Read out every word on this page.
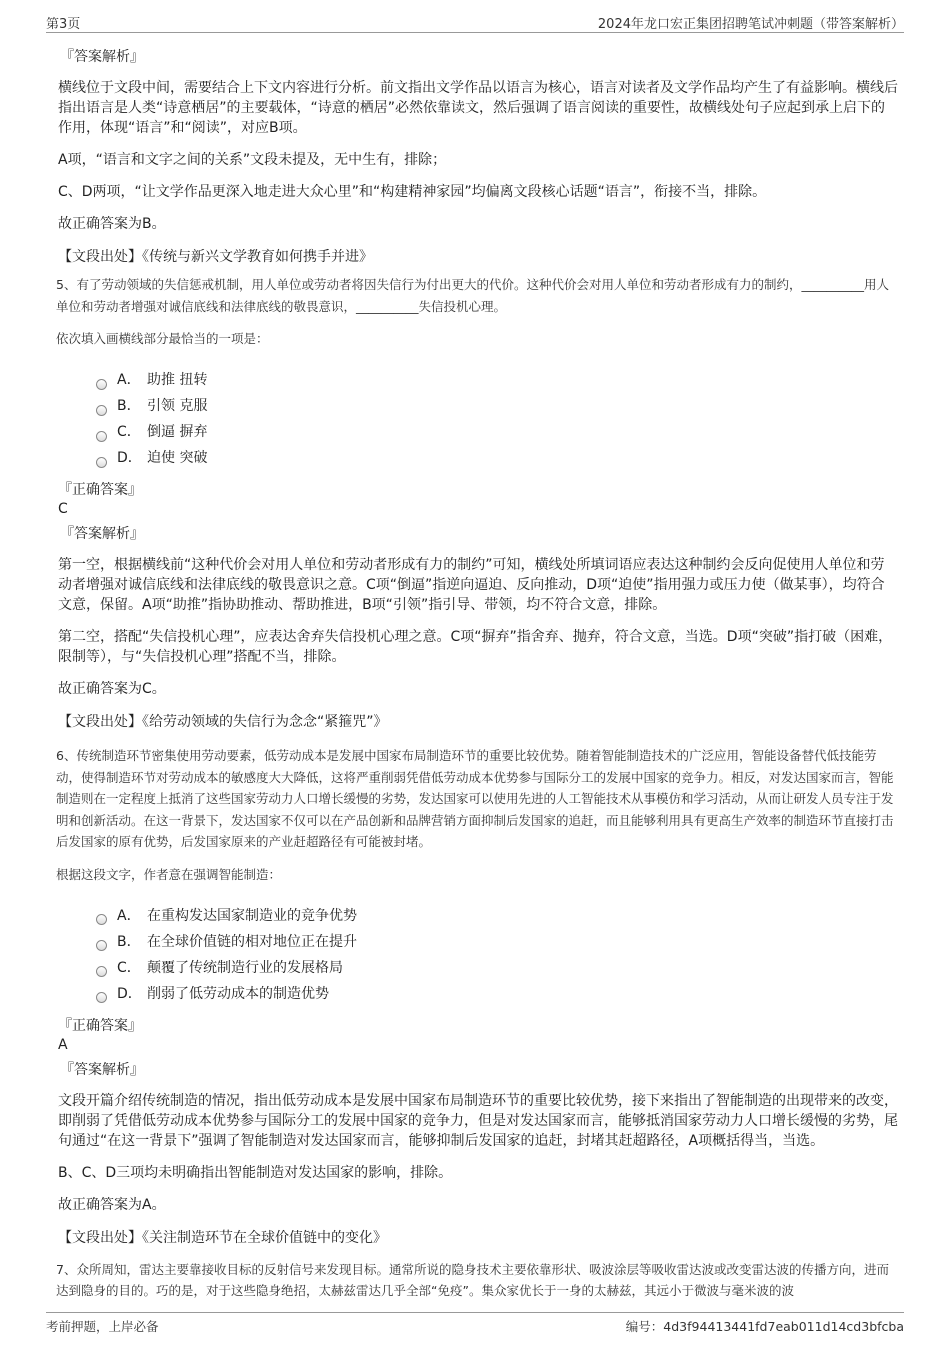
第3页	2024年龙口宏正集团招聘笔试冲刺题（带答案解析）
『答案解析』
横线位于文段中间，需要结合上下文内容进行分析。前文指出文学作品以语言为核心，语言对读者及文学作品均产生了有益影响。横线后指出语言是人类“诗意栖居”的主要载体，“诗意的栖居”必然依靠读文，然后强调了语言阅读的重要性，故横线处句子应起到承上启下的作用，体现“语言”和“阅读”，对应B项。
A项，“语言和文字之间的关系”文段未提及，无中生有，排除；
C、D两项，“让文学作品更深入地走进大众心里”和“构建精神家园”均偏离文段核心话题“语言”，衔接不当，排除。
故正确答案为B。
【文段出处】《传统与新兴文学教育如何携手并进》
5、有了劳动领域的失信惩戒机制，用人单位或劳动者将因失信行为付出更大的代价。这种代价会对用人单位和劳动者形成有力的制约，__________用人单位和劳动者增强对诚信底线和法律底线的敬畏意识，__________失信投机心理。
依次填入画横线部分最恰当的一项是：
A． 助推 扭转
B． 引领 克服
C． 倒逼 摒弃
D． 迫使 突破
『正确答案』
C
『答案解析』
第一空，根据横线前“这种代价会对用人单位和劳动者形成有力的制约”可知，横线处所填词语应表达这种制约会反向促使用人单位和劳动者增强对诚信底线和法律底线的敬畏意识之意。C项“倒逼”指逆向逼迫、反向推动，D项“迫使”指用强力或压力使（做某事），均符合文意，保留。A项“助推”指协助推动、帮助推进，B项“引领”指引导、带领，均不符合文意，排除。
第二空，搭配“失信投机心理”，应表达舍弃失信投机心理之意。C项“摒弃”指舍弃、抛弃，符合文意，当选。D项“突破”指打破（困难，限制等），与“失信投机心理”搭配不当，排除。
故正确答案为C。
【文段出处】《给劳动领域的失信行为念念“紧箍咒”》
6、传统制造环节密集使用劳动要素，低劳动成本是发展中国家布局制造环节的重要比较优势。随着智能制造技术的广泛应用，智能设备替代低技能劳动，使得制造环节对劳动成本的敏感度大大降低，这将严重削弱凭借低劳动成本优势参与国际分工的发展中国家的竞争力。相反，对发达国家而言，智能制造则在一定程度上抵消了这些国家劳动力人口增长缓慢的劣势，发达国家可以使用先进的人工智能技术从事模仿和学习活动，从而让研发人员专注于发明和创新活动。在这一背景下，发达国家不仅可以在产品创新和品牌营销方面抑制后发国家的追赶，而且能够利用具有更高生产效率的制造环节直接打击后发国家的原有优势，后发国家原来的产业赶超路径有可能被封堵。
根据这段文字，作者意在强调智能制造：
A． 在重构发达国家制造业的竞争优势
B． 在全球价值链的相对地位正在提升
C． 颠覆了传统制造行业的发展格局
D． 削弱了低劳动成本的制造优势
『正确答案』
A
『答案解析』
文段开篇介绍传统制造的情况，指出低劳动成本是发展中国家布局制造环节的重要比较优势，接下来指出了智能制造的出现带来的改变，即削弱了凭借低劳动成本优势参与国际分工的发展中国家的竞争力，但是对发达国家而言，能够抵消国家劳动力人口增长缓慢的劣势，尾句通过“在这一背景下”强调了智能制造对发达国家而言，能够抑制后发国家的追赶，封堵其赶超路径，A项概括得当，当选。
B、C、D三项均未明确指出智能制造对发达国家的影响，排除。
故正确答案为A。
【文段出处】《关注制造环节在全球价值链中的变化》
7、众所周知，雷达主要靠接收目标的反射信号来发现目标。通常所说的隐身技术主要依靠形状、吸波涂层等吸收雷达波或改变雷达波的传播方向，进而达到隐身的目的。巧的是，对于这些隐身绝招，太赫兹雷达几乎全部“免疫”。集众家优长于一身的太赫兹，其远小于微波与毫米波的波
考前押题，上岸必备	编号：4d3f94413441fd7eab011d14cd3bfcba
